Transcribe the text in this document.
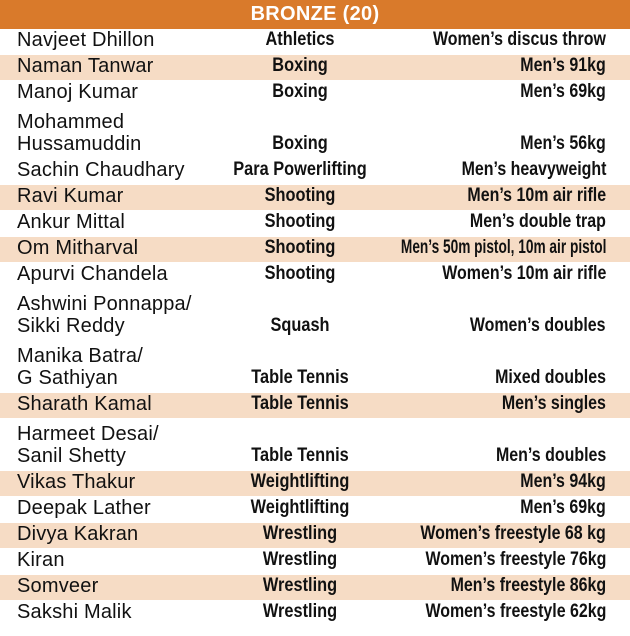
BRONZE (20)
Navjeet Dhillon	Athletics	Women’s discus throw
Naman Tanwar	Boxing	Men’s 91kg
Manoj Kumar	Boxing	Men’s 69kg
Mohammed
Hussamuddin	Boxing	Men’s 56kg
Sachin Chaudhary	Para Powerlifting	Men’s heavyweight
Ravi Kumar	Shooting	Men’s 10m air rifle
Ankur Mittal	Shooting	Men’s double trap
Om Mitharval	Shooting	Men’s 50m pistol, 10m air pistol
Apurvi Chandela	Shooting	Women’s 10m air rifle
Ashwini Ponnappa/
Sikki Reddy	Squash	Women’s doubles
Manika Batra/
G Sathiyan	Table Tennis	Mixed doubles
Sharath Kamal	Table Tennis	Men’s singles
Harmeet Desai/
Sanil Shetty	Table Tennis	Men’s doubles
Vikas Thakur	Weightlifting	Men’s 94kg
Deepak Lather	Weightlifting	Men’s 69kg
Divya Kakran	Wrestling	Women’s freestyle 68 kg
Kiran	Wrestling	Women’s freestyle 76kg
Somveer	Wrestling	Men’s freestyle 86kg
Sakshi Malik	Wrestling	Women’s freestyle 62kg
